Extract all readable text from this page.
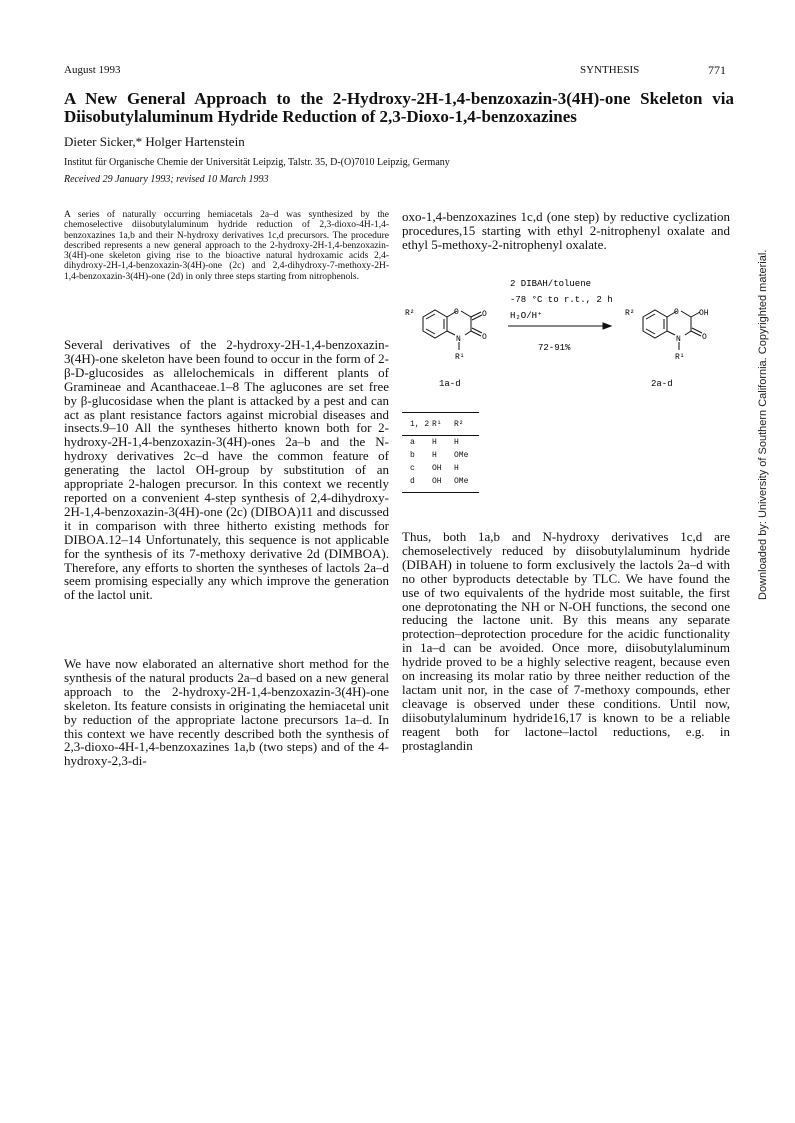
August 1993	SYNTHESIS	771
A New General Approach to the 2-Hydroxy-2H-1,4-benzoxazin-3(4H)-one Skeleton via Diisobutylaluminum Hydride Reduction of 2,3-Dioxo-1,4-benzoxazines
Dieter Sicker,* Holger Hartenstein
Institut für Organische Chemie der Universität Leipzig, Talstr. 35, D-(O)7010 Leipzig, Germany
Received 29 January 1993; revised 10 March 1993

A series of naturally occurring hemiacetals 2a–d was synthesized by the chemoselective diisobutylaluminum hydride reduction of 2,3-dioxo-4H-1,4-benzoxazines 1a,b and their N-hydroxy derivatives 1c,d precursors. The procedure described represents a new general approach to the 2-hydroxy-2H-1,4-benzoxazin-3(4H)-one skeleton giving rise to the bioactive natural hydroxamic acids 2,4-dihydroxy-2H-1,4-benzoxazin-3(4H)-one (2c) and 2,4-dihydroxy-7-methoxy-2H-1,4-benzoxazin-3(4H)-one (2d) in only three steps starting from nitrophenols.

Several derivatives of the 2-hydroxy-2H-1,4-benzoxazin-3(4H)-one skeleton have been found to occur in the form of 2-β-D-glucosides as allelochemicals in different plants of Gramineae and Acanthaceae.1–8 The aglucones are set free by β-glucosidase when the plant is attacked by a pest and can act as plant resistance factors against microbial diseases and insects.9–10 All the syntheses hitherto known both for 2-hydroxy-2H-1,4-benzoxazin-3(4H)-ones 2a–b and the N-hydroxy derivatives 2c–d have the common feature of generating the lactol OH-group by substitution of an appropriate 2-halogen precursor. In this context we recently reported on a convenient 4-step synthesis of 2,4-dihydroxy-2H-1,4-benzoxazin-3(4H)-one (2c) (DIBOA)11 and discussed it in comparison with three hitherto existing methods for DIBOA.12–14 Unfortunately, this sequence is not applicable for the synthesis of its 7-methoxy derivative 2d (DIMBOA). Therefore, any efforts to shorten the syntheses of lactols 2a–d seem promising especially any which improve the generation of the lactol unit.

We have now elaborated an alternative short method for the synthesis of the natural products 2a–d based on a new general approach to the 2-hydroxy-2H-1,4-benzoxazin-3(4H)-one skeleton. Its feature consists in originating the hemiacetal unit by reduction of the appropriate lactone precursors 1a–d. In this context we have recently described both the synthesis of 2,3-dioxo-4H-1,4-benzoxazines 1a,b (two steps) and of the 4-hydroxy-2,3-di-

oxo-1,4-benzoxazines 1c,d (one step) by reductive cyclization procedures,15 starting with ethyl 2-nitrophenyl oxalate and ethyl 5-methoxy-2-nitrophenyl oxalate.

R²	O	O
N	O
R¹
1a-d
2 DIBAH/toluene
-78 °C to r.t., 2 h
H₂O/H⁺
72-91%
R²	O	OH
N	O
R¹
2a-d
1, 2 R¹	R²
a	H	H
b	H	OMe
c	OH	H
d	OH	OMe

Thus, both 1a,b and N-hydroxy derivatives 1c,d are chemoselectively reduced by diisobutylaluminum hydride (DIBAH) in toluene to form exclusively the lactols 2a–d with no other byproducts detectable by TLC. We have found the use of two equivalents of the hydride most suitable, the first one deprotonating the NH or N-OH functions, the second one reducing the lactone unit. By this means any separate protection–deprotection procedure for the acidic functionality in 1a–d can be avoided. Once more, diisobutylaluminum hydride proved to be a highly selective reagent, because even on increasing its molar ratio by three neither reduction of the lactam unit nor, in the case of 7-methoxy compounds, ether cleavage is observed under these conditions. Until now, diisobutylaluminum hydride16,17 is known to be a reliable reagent both for lactone–lactol reductions, e.g. in prostaglandin

Downloaded by: University of Southern California. Copyrighted material.
